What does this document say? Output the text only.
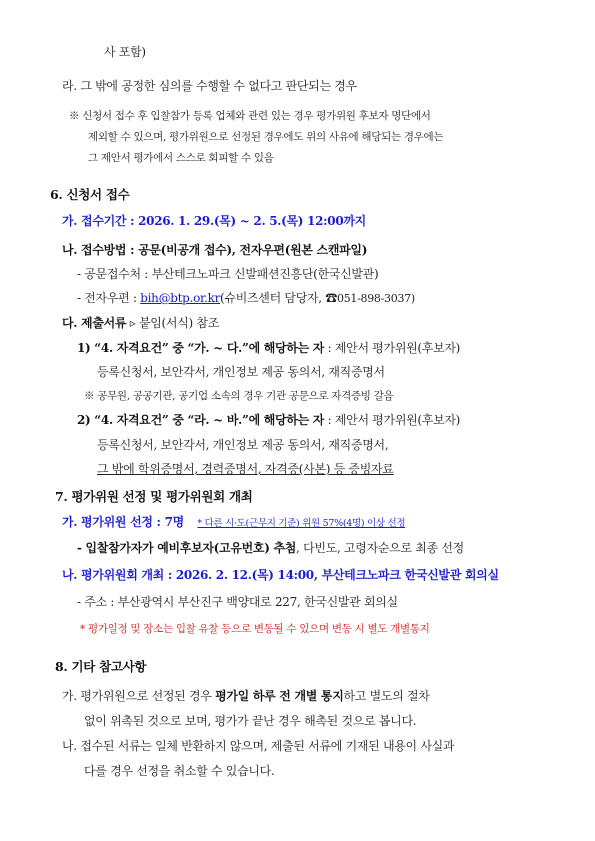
사 포함)
라. 그 밖에 공정한 심의를 수행할 수 없다고 판단되는 경우
※ 신청서 접수 후 입찰참가 등록 업체와 관련 있는 경우 평가위원 후보자 명단에서
제외할 수 있으며, 평가위원으로 선정된 경우에도 위의 사유에 해당되는 경우에는
그 제안서 평가에서 스스로 회피할 수 있음
6. 신청서 접수
가. 접수기간 : 2026. 1. 29.(목) ~ 2. 5.(목) 12:00까지
나. 접수방법 : 공문(비공개 접수), 전자우편(원본 스캔파일)
- 공문접수처 : 부산테크노파크 신발패션진흥단(한국신발관)
- 전자우편 : bih@btp.or.kr(슈비즈센터 담당자, ☎051-898-3037)
다. 제출서류 ▹ 붙임(서식) 참조
1) “4. 자격요건” 중 “가. ~ 다.”에 해당하는 자 : 제안서 평가위원(후보자)
등록신청서, 보안각서, 개인정보 제공 동의서, 재직증명서
※ 공무원, 공공기관, 공기업 소속의 경우 기관 공문으로 자격증빙 갈음
2) “4. 자격요건” 중 “라. ~ 바.”에 해당하는 자 : 제안서 평가위원(후보자)
등록신청서, 보안각서, 개인정보 제공 동의서, 재직증명서,
그 밖에 학위증명서, 경력증명서, 자격증(사본) 등 증빙자료
7. 평가위원 선정 및 평가위원회 개최
가. 평가위원 선정 : 7명 * 다른 시·도(근무지 기준) 위원 57%(4명) 이상 선정
- 입찰참가자가 예비후보자(고유번호) 추첨, 다빈도, 고령자순으로 최종 선정
나. 평가위원회 개최 : 2026. 2. 12.(목) 14:00, 부산테크노파크 한국신발관 회의실
- 주소 : 부산광역시 부산진구 백양대로 227, 한국신발관 회의실
* 평가일정 및 장소는 입찰 유찰 등으로 변동될 수 있으며 변동 시 별도 개별통지
8. 기타 참고사항
가. 평가위원으로 선정된 경우 평가일 하루 전 개별 통지하고 별도의 절차
없이 위촉된 것으로 보며, 평가가 끝난 경우 해촉된 것으로 봅니다.
나. 접수된 서류는 일체 반환하지 않으며, 제출된 서류에 기재된 내용이 사실과
다를 경우 선정을 취소할 수 있습니다.
